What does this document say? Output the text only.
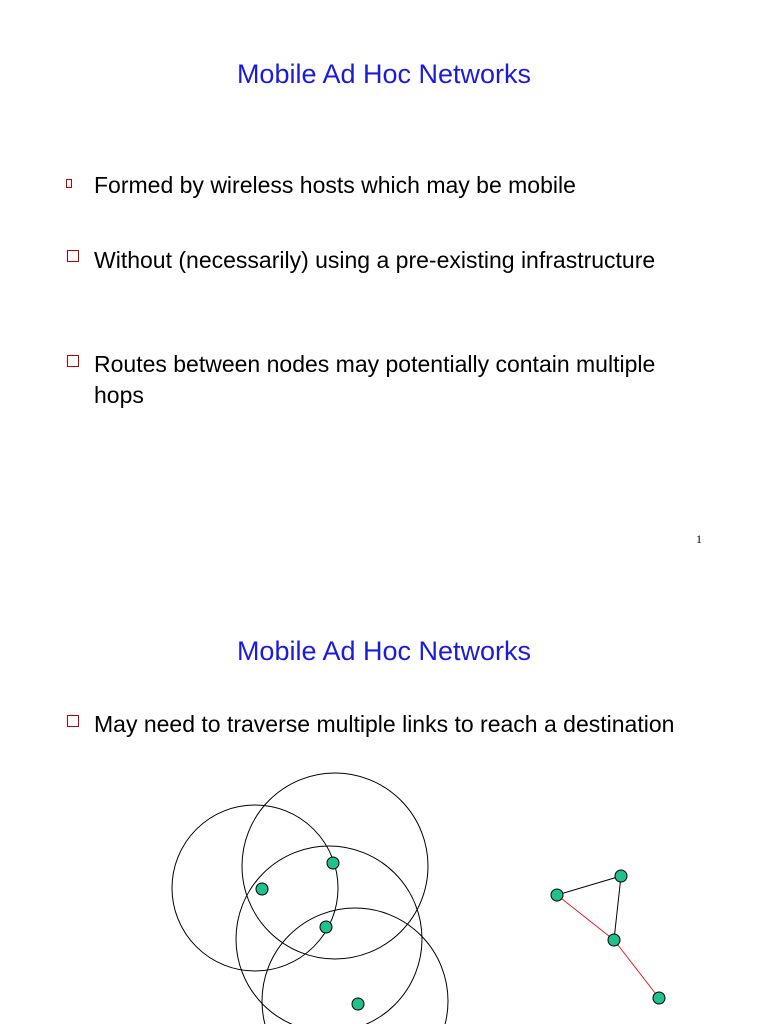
Mobile Ad Hoc Networks
Formed by wireless hosts which may be mobile
Without (necessarily) using a pre-existing infrastructure
Routes between nodes may potentially contain multiple hops
1
Mobile Ad Hoc Networks
May need to traverse multiple links to reach a destination
